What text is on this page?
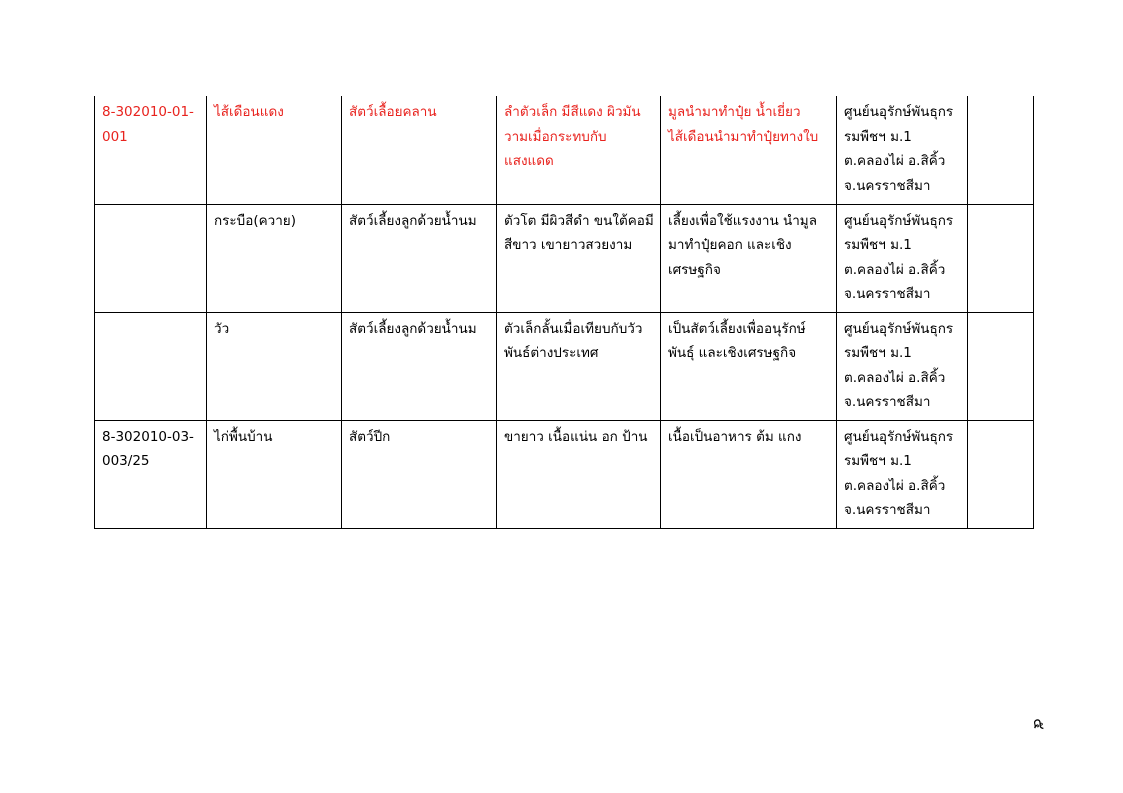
8-302010-01-001	ไส้เดือนแดง	สัตว์เลื้อยคลาน	ลำตัวเล็ก มีสีแดง ผิวมันวามเมื่อกระทบกับแสงแดด	มูลนำมาทำปุ๋ย น้ำเยี่ยวไส้เดือนนำมาทำปุ๋ยทางใบ	ศูนย์นอุรักษ์พันธุกรรมพืชฯ ม.1 ต.คลองไผ่ อ.สิคิ้ว จ.นครราชสีมา	
	กระบือ(ควาย)	สัตว์เลี้ยงลูกด้วยน้ำนม	ตัวโต มีผิวสีดำ ขนใต้คอมีสีขาว เขายาวสวยงาม	เลี้ยงเพื่อใช้แรงงาน นำมูลมาทำปุ๋ยคอก และเชิงเศรษฐกิจ	ศูนย์นอุรักษ์พันธุกรรมพืชฯ ม.1 ต.คลองไผ่ อ.สิคิ้ว จ.นครราชสีมา	
	วัว	สัตว์เลี้ยงลูกด้วยน้ำนม	ตัวเล็กลั้นเมื่อเทียบกับวัวพันธ์ต่างประเทศ	เป็นสัตว์เลี้ยงเพื่ออนุรักษ์พันธุ์ และเชิงเศรษฐกิจ	ศูนย์นอุรักษ์พันธุกรรมพืชฯ ม.1 ต.คลองไผ่ อ.สิคิ้ว จ.นครราชสีมา	
8-302010-03-003/25	ไก่พื้นบ้าน	สัตว์ปีก	ขายาว เนื้อแน่น อก ป้าน	เนื้อเป็นอาหาร ต้ม แกง	ศูนย์นอุรักษ์พันธุกรรมพืชฯ ม.1 ต.คลองไผ่ อ.สิคิ้ว จ.นครราชสีมา	
๕
